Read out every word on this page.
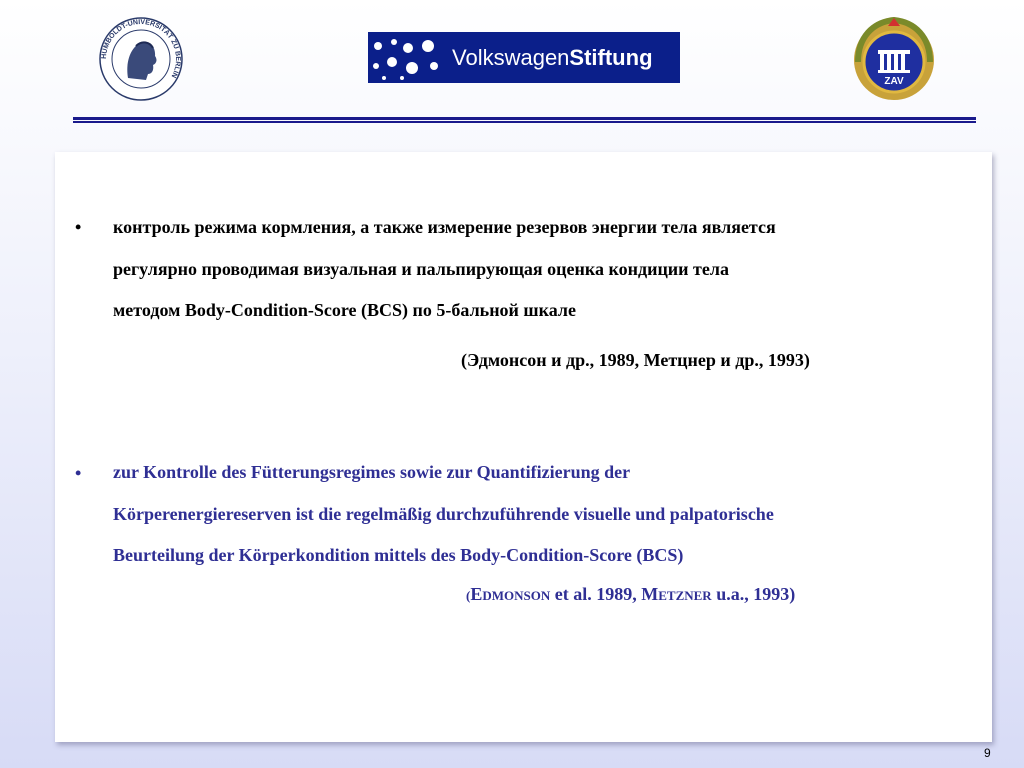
HUMBOLDT-UNIVERSITÄT ZU BERLIN
VolkswagenStiftung
ZAV
• контроль режима кормления, а также измерение резервов энергии тела является
регулярно проводимая визуальная и пальпирующая оценка кондиции тела
методом Body-Condition-Score (BCS) по 5-бальной шкале
(Эдмонсон и др., 1989, Метцнер и др., 1993)
• zur Kontrolle des Fütterungsregimes sowie zur Quantifizierung der
Körperenergiereserven ist die regelmäßig durchzuführende visuelle und palpatorische
Beurteilung der Körperkondition mittels des Body-Condition-Score (BCS)
(Edmonson et al. 1989, Metzner u.a., 1993)
9
